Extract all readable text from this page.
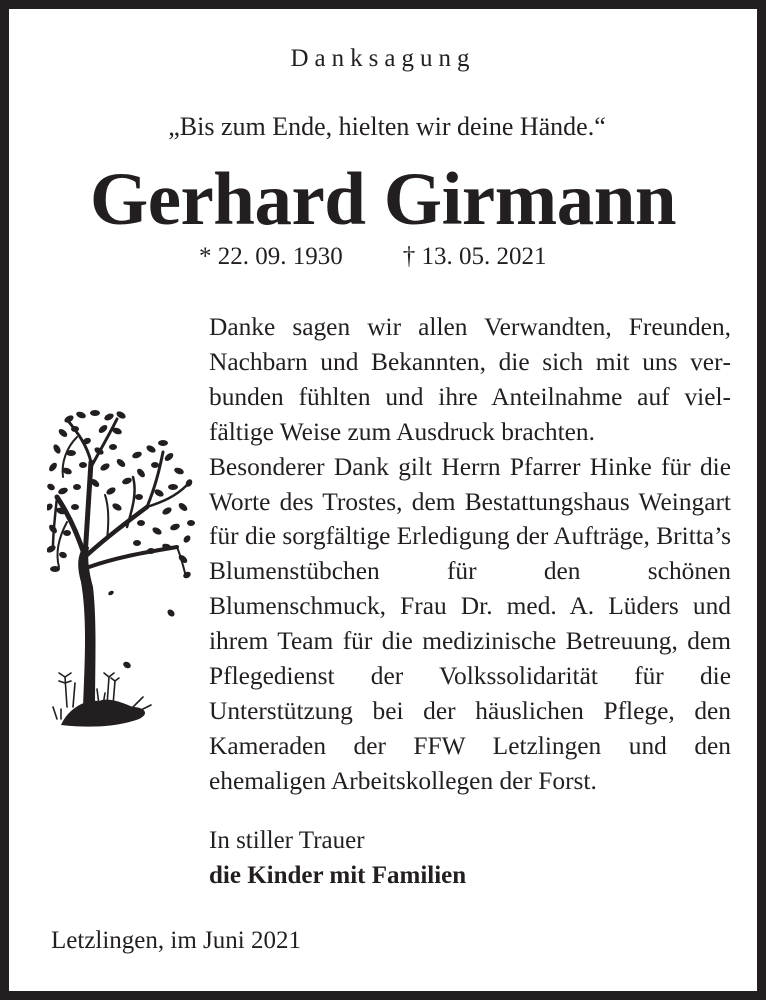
Danksagung
„Bis zum Ende, hielten wir deine Hände.“
Gerhard Girmann
* 22. 09. 1930 † 13. 05. 2021

Danke sagen wir allen Verwandten, Freunden, Nachbarn und Bekannten, die sich mit uns verbunden fühlten und ihre Anteilnahme auf vielfältige Weise zum Ausdruck brachten.

Besonderer Dank gilt Herrn Pfarrer Hinke für die Worte des Trostes, dem Bestattungshaus Weingart für die sorgfältige Erledigung der Aufträge, Britta’s Blumenstübchen für den schönen Blumenschmuck, Frau Dr. med. A. Lüders und ihrem Team für die medizinische Betreuung, dem Pflegedienst der Volkssolidarität für die Unterstützung bei der häuslichen Pflege, den Kameraden der FFW Letzlingen und den ehemaligen Arbeitskollegen der Forst.

In stiller Trauer
die Kinder mit Familien
Letzlingen, im Juni 2021
